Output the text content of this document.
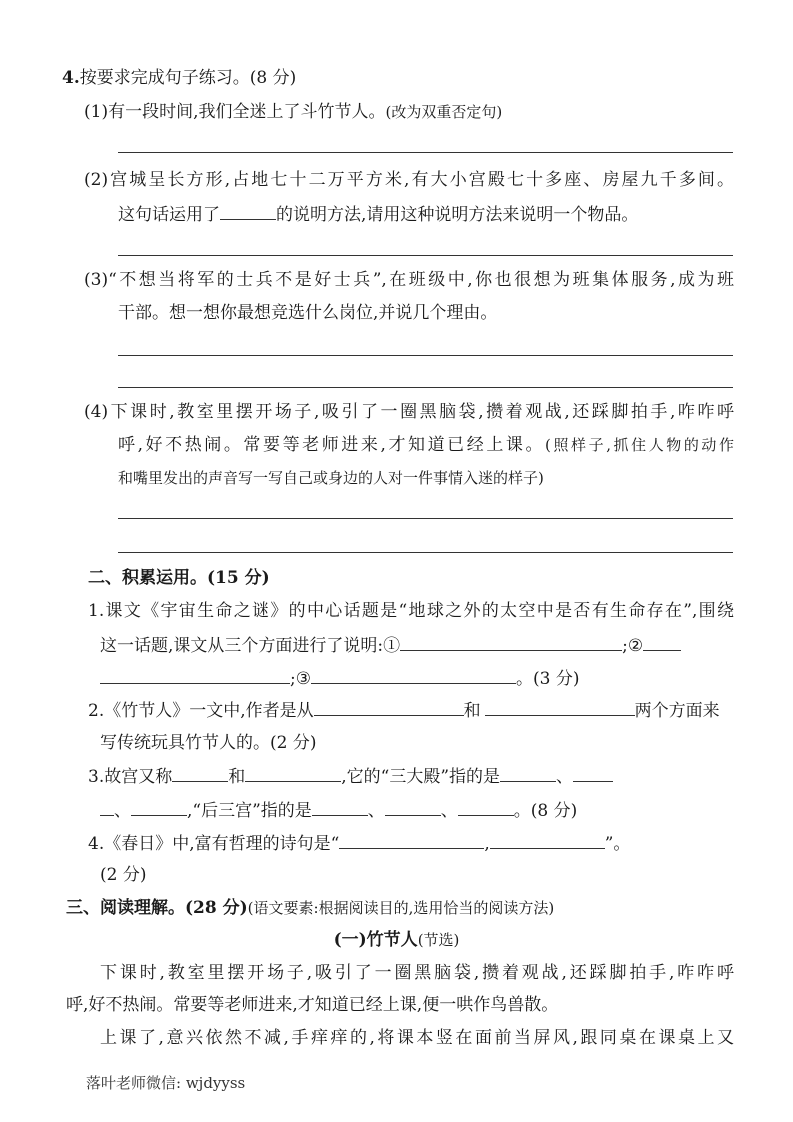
4.按要求完成句子练习。(8 分)
(1)有一段时间,我们全迷上了斗竹节人。(改为双重否定句)
(2)宫城呈长方形,占地七十二万平方米,有大小宫殿七十多座、房屋九千多间。
这句话运用了	的说明方法,请用这种说明方法来说明一个物品。
(3)“不想当将军的士兵不是好士兵”,在班级中,你也很想为班集体服务,成为班
干部。想一想你最想竞选什么岗位,并说几个理由。
(4)下课时,教室里摆开场子,吸引了一圈黑脑袋,攒着观战,还踩脚拍手,咋咋呼
呼,好不热闹。常要等老师进来,才知道已经上课。(照样子,抓住人物的动作
和嘴里发出的声音写一写自己或身边的人对一件事情入迷的样子)
二、积累运用。(15 分)
1.课文《宇宙生命之谜》的中心话题是“地球之外的太空中是否有生命存在”,围绕
这一话题,课文从三个方面进行了说明:①	;②
;③	。(3 分)
2.《竹节人》一文中,作者是从	和	两个方面来
写传统玩具竹节人的。(2 分)
3.故宫又称	和	,它的“三大殿”指的是	、
、	,“后三宫”指的是	、	、	。(8 分)
4.《春日》中,富有哲理的诗句是“	,	”。
(2 分)
三、阅读理解。(28 分)(语文要素:根据阅读目的,选用恰当的阅读方法)
(一)竹节人(节选)
下课时,教室里摆开场子,吸引了一圈黑脑袋,攒着观战,还踩脚拍手,咋咋呼
呼,好不热闹。常要等老师进来,才知道已经上课,便一哄作鸟兽散。
上课了,意兴依然不减,手痒痒的,将课本竖在面前当屏风,跟同桌在课桌上又
落叶老师微信: wjdyyss
